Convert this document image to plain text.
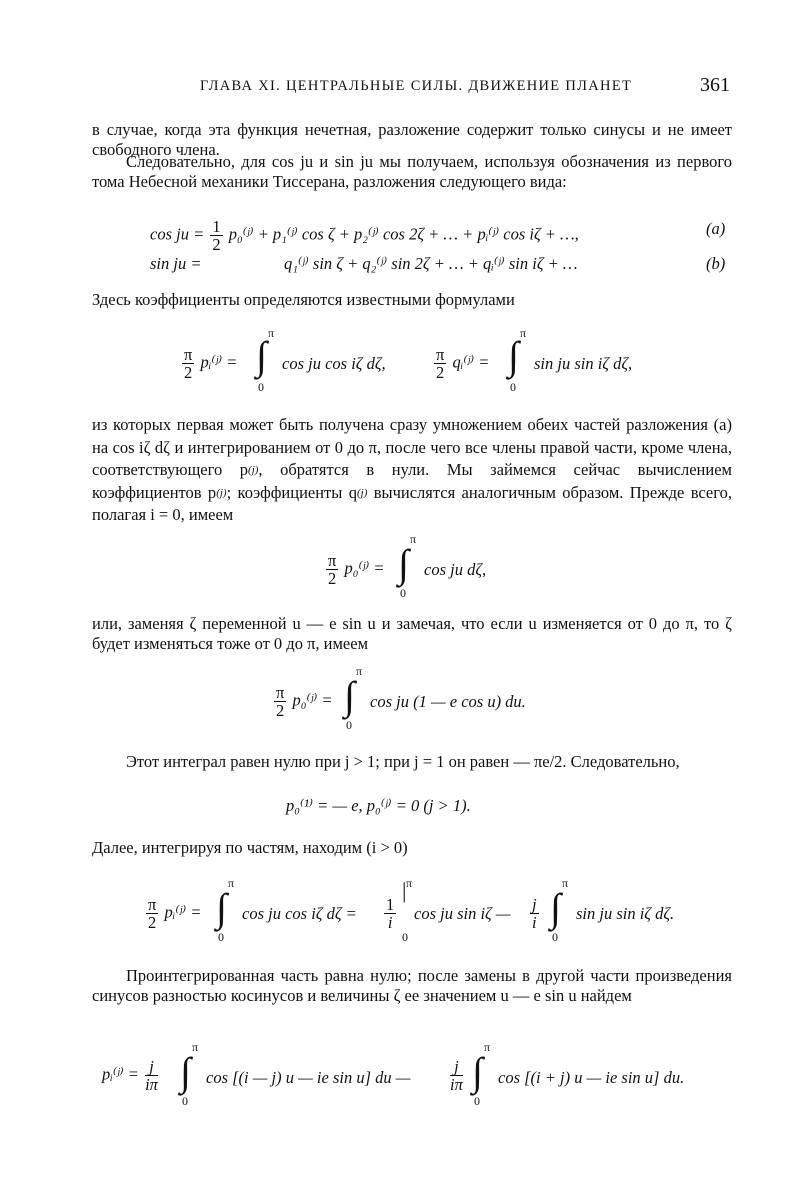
ГЛАВА XI. ЦЕНТРАЛЬНЫЕ СИЛЫ. ДВИЖЕНИЕ ПЛАНЕТ	361
в случае, когда эта функция нечетная, разложение содержит только синусы и не имеет свободного члена.
Следовательно, для cos ju и sin ju мы получаем, используя обозначения из первого тома Небесной механики Тиссерана, разложения следующего вида:
cos ju = $\frac{1}{2}$ p₀⁽ʲ⁾ + p₁⁽ʲ⁾ cos ζ + p₂⁽ʲ⁾ cos 2ζ + … + pᵢ⁽ʲ⁾ cos iζ + …,	(a)
sin ju =	q₁⁽ʲ⁾ sin ζ + q₂⁽ʲ⁾ sin 2ζ + … + qᵢ⁽ʲ⁾ sin iζ + …	(b)
Здесь коэффициенты определяются известными формулами
$\frac{\pi}{2}$ pᵢ⁽ʲ⁾ = ∫ π
0
cos ju cos iζ dζ,	$\frac{\pi}{2}$ qᵢ⁽ʲ⁾ = ∫ π
0
sin ju sin iζ dζ,
из которых первая может быть получена сразу умножением обеих частей разложения (a) на cos iζ dζ и интегрированием от 0 до π, после чего все члены правой части, кроме члена, соответствующего $p^{(j)}$, обратятся в нули. Мы займемся сейчас вычислением коэффициентов $p^{(j)}$; коэффициенты $q^{(j)}$ вычислятся аналогичным образом. Прежде всего, полагая i = 0, имеем
$\frac{\pi}{2}$ p₀⁽ʲ⁾ = ∫
π
0
cos ju dζ,
или, заменяя ζ переменной u — e sin u и замечая, что если u изменяется от 0 до π, то ζ будет изменяться тоже от 0 до π, имеем
$\frac{\pi}{2}$ p₀⁽ʲ⁾ = ∫
π
0
cos ju (1 — e cos u) du.
Этот интеграл равен нулю при j > 1; при j = 1 он равен — πe/2. Следовательно,
p₀⁽¹⁾ = — e, p₀⁽ʲ⁾ = 0 (j > 1).
Далее, интегрируя по частям, находим (i > 0)
$\frac{\pi}{2}$ pᵢ⁽ʲ⁾ = ∫
π
0
cos ju cos iζ $d\zeta = \frac{1}{i}$
| π
0
cos ju sin iζ — $\frac{j}{i}$ ∫
π
0
sin ju sin iζ dζ.
Проинтегрированная часть равна нулю; после замены в другой части произведения синусов разностью косинусов и величины ζ ее значением u — e sin u найдем
pᵢ⁽ʲ⁾ = $\frac{j}{i\pi}$ ∫
π
0
cos [(i — j) u — ie sin u] du — $\frac{j}{i\pi}$ ∫
π
0
cos [(i + j) u — ie sin u] du.
